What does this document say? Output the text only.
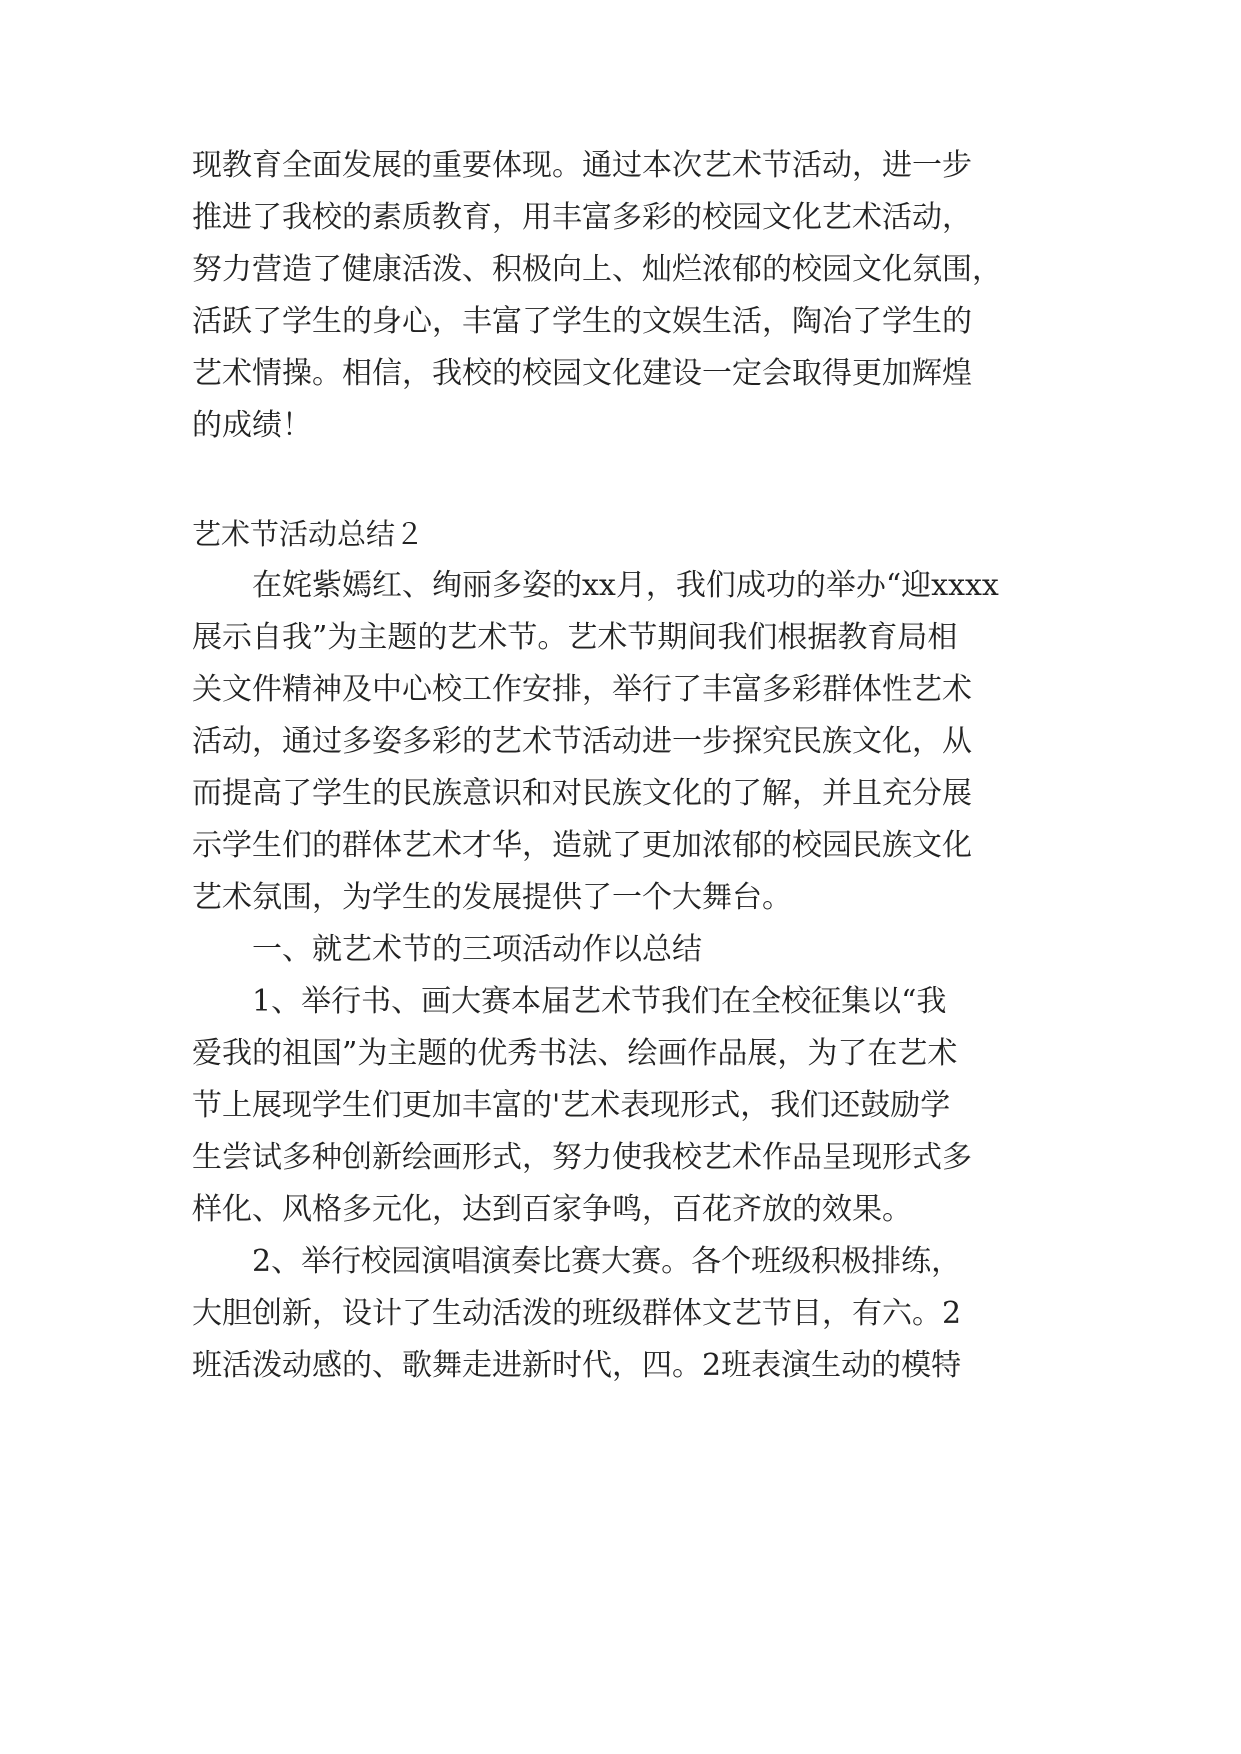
现教育全面发展的重要体现。通过本次艺术节活动，进一步
推进了我校的素质教育，用丰富多彩的校园文化艺术活动，
努力营造了健康活泼、积极向上、灿烂浓郁的校园文化氛围，
活跃了学生的身心，丰富了学生的文娱生活，陶冶了学生的
艺术情操。相信，我校的校园文化建设一定会取得更加辉煌
的成绩！
艺术节活动总结２
在姹紫嫣红、绚丽多姿的xx月，我们成功的举办“迎xxxx
展示自我”为主题的艺术节。艺术节期间我们根据教育局相
关文件精神及中心校工作安排，举行了丰富多彩群体性艺术
活动，通过多姿多彩的艺术节活动进一步探究民族文化，从
而提高了学生的民族意识和对民族文化的了解，并且充分展
示学生们的群体艺术才华，造就了更加浓郁的校园民族文化
艺术氛围，为学生的发展提供了一个大舞台。
一、就艺术节的三项活动作以总结
1、举行书、画大赛本届艺术节我们在全校征集以“我
爱我的祖国”为主题的优秀书法、绘画作品展，为了在艺术
节上展现学生们更加丰富的'艺术表现形式，我们还鼓励学
生尝试多种创新绘画形式，努力使我校艺术作品呈现形式多
样化、风格多元化，达到百家争鸣，百花齐放的效果。
2、举行校园演唱演奏比赛大赛。各个班级积极排练，
大胆创新，设计了生动活泼的班级群体文艺节目，有六。2
班活泼动感的、歌舞走进新时代，四。2班表演生动的模特
